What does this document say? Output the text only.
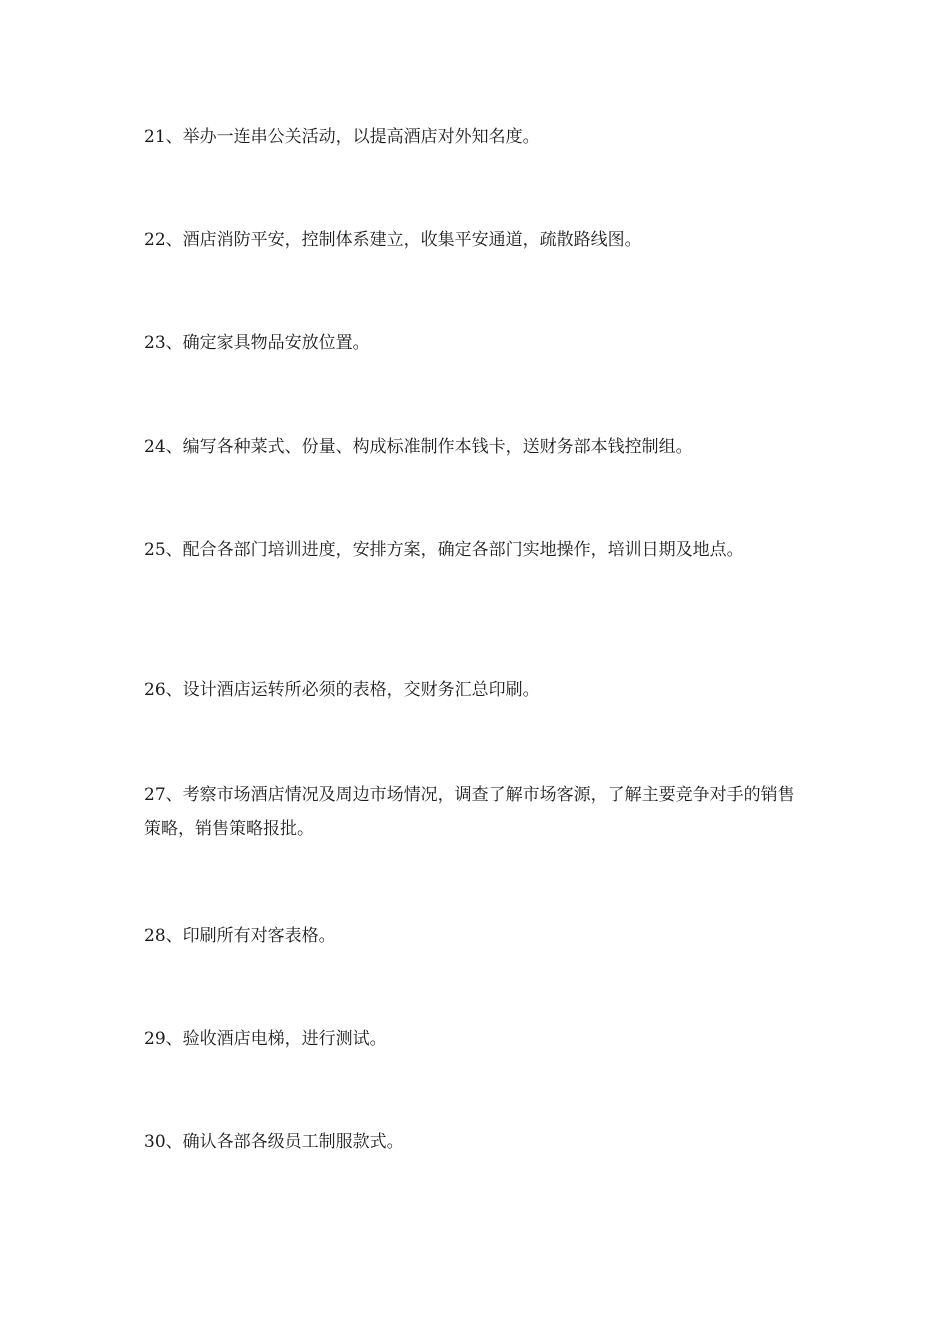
21、举办一连串公关活动，以提高酒店对外知名度。

22、酒店消防平安，控制体系建立，收集平安通道，疏散路线图。

23、确定家具物品安放位置。

24、编写各种菜式、份量、构成标准制作本钱卡，送财务部本钱控制组。

25、配合各部门培训进度，安排方案，确定各部门实地操作，培训日期及地点。

26、设计酒店运转所必须的表格，交财务汇总印刷。

27、考察市场酒店情况及周边市场情况，调查了解市场客源，了解主要竞争对手的销售策略，销售策略报批。

28、印刷所有对客表格。

29、验收酒店电梯，进行测试。

30、确认各部各级员工制服款式。
